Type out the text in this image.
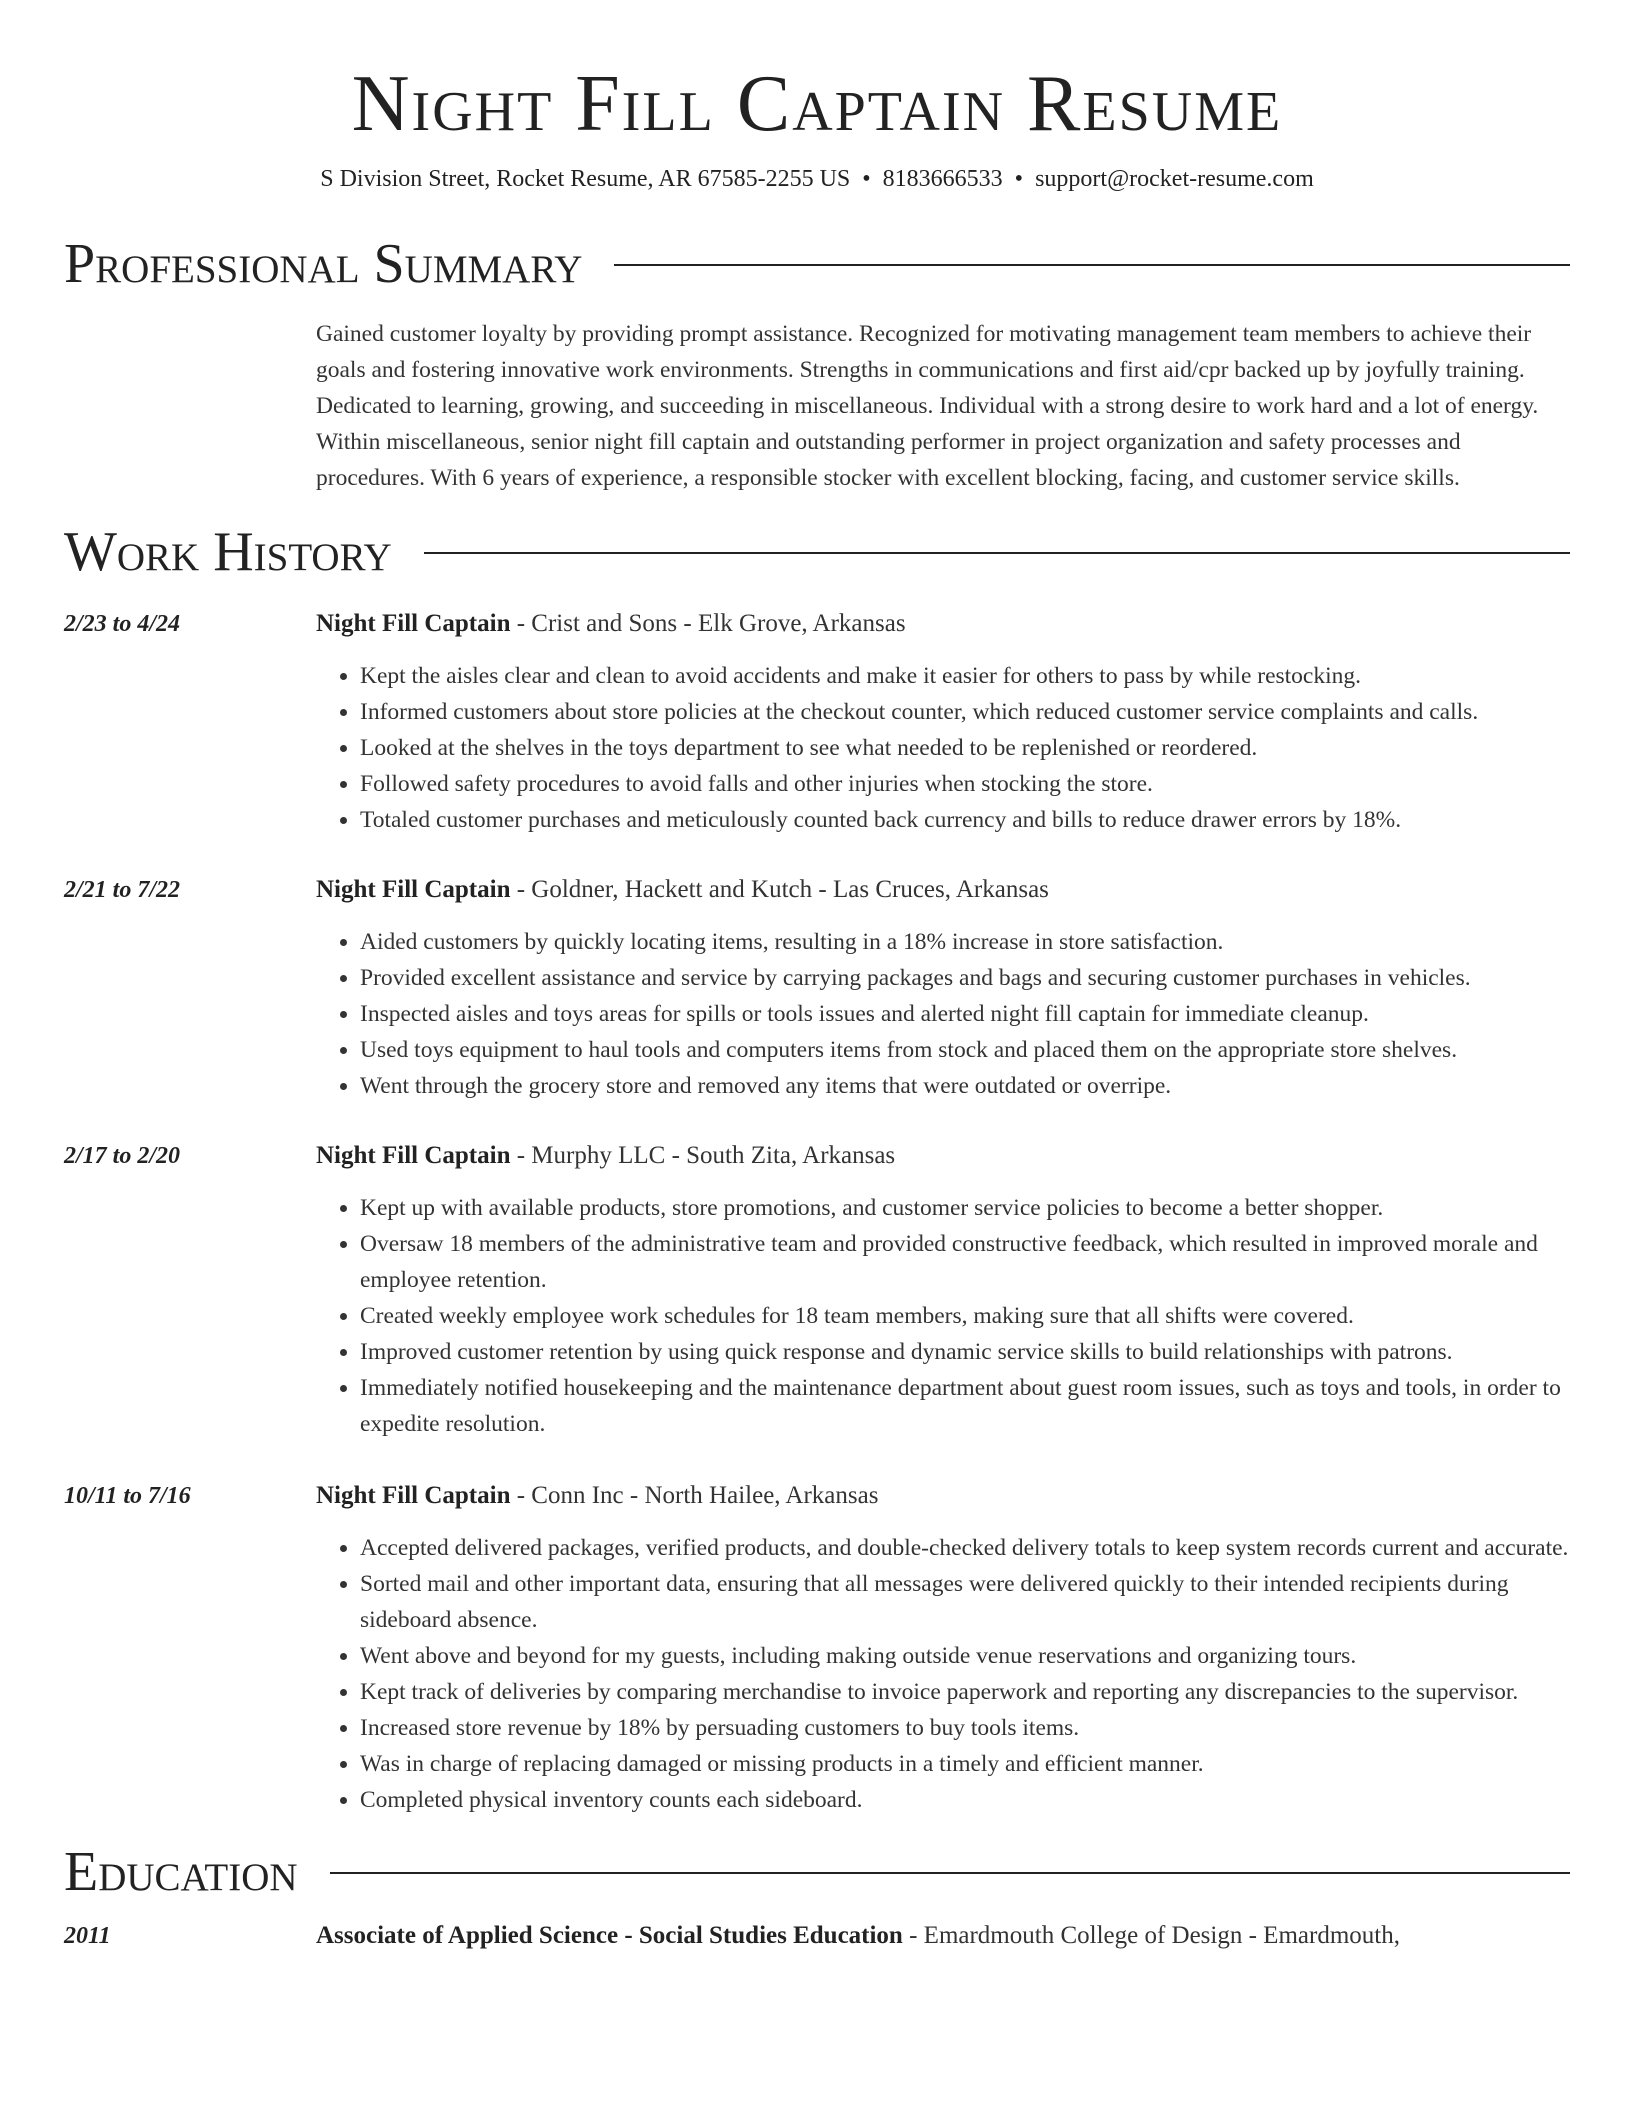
Night Fill Captain Resume
S Division Street, Rocket Resume, AR 67585-2255 US • 8183666533 • support@rocket-resume.com
Professional Summary
Gained customer loyalty by providing prompt assistance. Recognized for motivating management team members to achieve their goals and fostering innovative work environments. Strengths in communications and first aid/cpr backed up by joyfully training. Dedicated to learning, growing, and succeeding in miscellaneous. Individual with a strong desire to work hard and a lot of energy. Within miscellaneous, senior night fill captain and outstanding performer in project organization and safety processes and procedures. With 6 years of experience, a responsible stocker with excellent blocking, facing, and customer service skills.
Work History
2/23 to 4/24	Night Fill Captain - Crist and Sons - Elk Grove, Arkansas
• Kept the aisles clear and clean to avoid accidents and make it easier for others to pass by while restocking.
• Informed customers about store policies at the checkout counter, which reduced customer service complaints and calls.
• Looked at the shelves in the toys department to see what needed to be replenished or reordered.
• Followed safety procedures to avoid falls and other injuries when stocking the store.
• Totaled customer purchases and meticulously counted back currency and bills to reduce drawer errors by 18%.
2/21 to 7/22	Night Fill Captain - Goldner, Hackett and Kutch - Las Cruces, Arkansas
• Aided customers by quickly locating items, resulting in a 18% increase in store satisfaction.
• Provided excellent assistance and service by carrying packages and bags and securing customer purchases in vehicles.
• Inspected aisles and toys areas for spills or tools issues and alerted night fill captain for immediate cleanup.
• Used toys equipment to haul tools and computers items from stock and placed them on the appropriate store shelves.
• Went through the grocery store and removed any items that were outdated or overripe.
2/17 to 2/20	Night Fill Captain - Murphy LLC - South Zita, Arkansas
• Kept up with available products, store promotions, and customer service policies to become a better shopper.
• Oversaw 18 members of the administrative team and provided constructive feedback, which resulted in improved morale and employee retention.
• Created weekly employee work schedules for 18 team members, making sure that all shifts were covered.
• Improved customer retention by using quick response and dynamic service skills to build relationships with patrons.
• Immediately notified housekeeping and the maintenance department about guest room issues, such as toys and tools, in order to expedite resolution.
10/11 to 7/16	Night Fill Captain - Conn Inc - North Hailee, Arkansas
• Accepted delivered packages, verified products, and double-checked delivery totals to keep system records current and accurate.
• Sorted mail and other important data, ensuring that all messages were delivered quickly to their intended recipients during sideboard absence.
• Went above and beyond for my guests, including making outside venue reservations and organizing tours.
• Kept track of deliveries by comparing merchandise to invoice paperwork and reporting any discrepancies to the supervisor.
• Increased store revenue by 18% by persuading customers to buy tools items.
• Was in charge of replacing damaged or missing products in a timely and efficient manner.
• Completed physical inventory counts each sideboard.
Education
2011	Associate of Applied Science - Social Studies Education - Emardmouth College of Design - Emardmouth,
